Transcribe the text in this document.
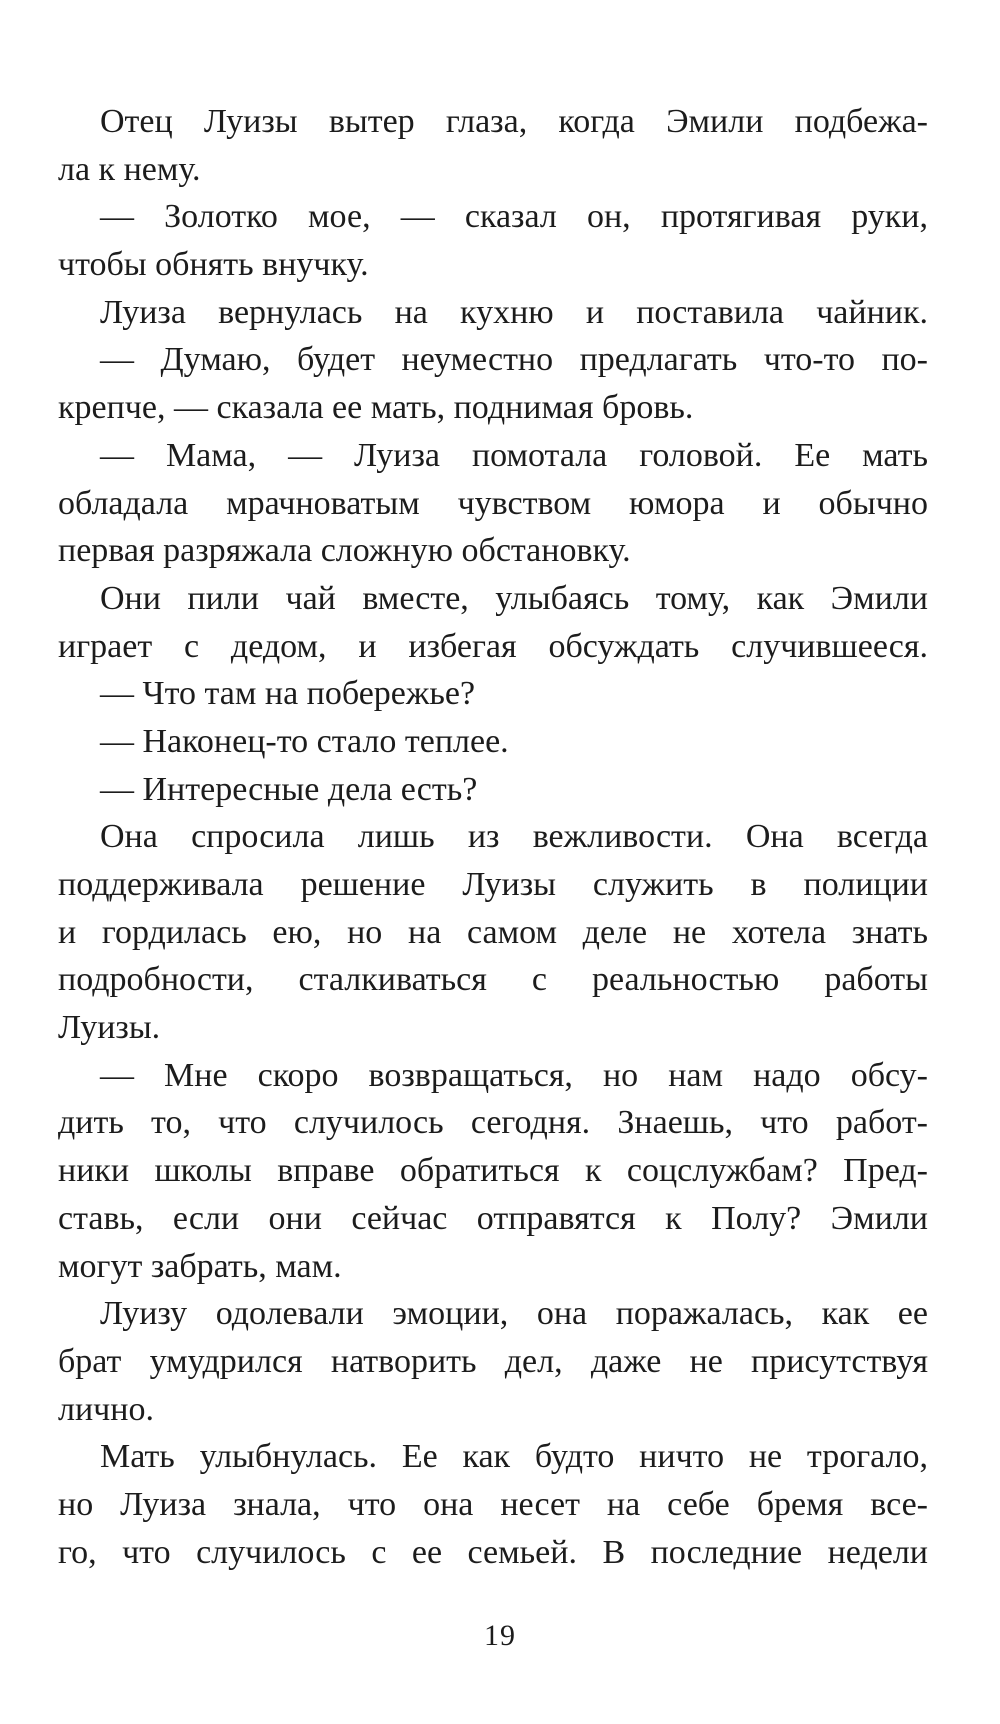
Отец Луизы вытер глаза, когда Эмили подбежа-
ла к нему.
— Золотко мое, — сказал он, протягивая руки,
чтобы обнять внучку.
Луиза вернулась на кухню и поставила чайник.
— Думаю, будет неуместно предлагать что-то по-
крепче, — сказала ее мать, поднимая бровь.
— Мама, — Луиза помотала головой. Ее мать
обладала мрачноватым чувством юмора и обычно
первая разряжала сложную обстановку.
Они пили чай вместе, улыбаясь тому, как Эмили
играет с дедом, и избегая обсуждать случившееся.
— Что там на побережье?
— Наконец-то стало теплее.
— Интересные дела есть?
Она спросила лишь из вежливости. Она всегда
поддерживала решение Луизы служить в полиции
и гордилась ею, но на самом деле не хотела знать
подробности, сталкиваться с реальностью работы
Луизы.
— Мне скоро возвращаться, но нам надо обсу-
дить то, что случилось сегодня. Знаешь, что работ-
ники школы вправе обратиться к соцслужбам? Пред-
ставь, если они сейчас отправятся к Полу? Эмили
могут забрать, мам.
Луизу одолевали эмоции, она поражалась, как ее
брат умудрился натворить дел, даже не присутствуя
лично.
Мать улыбнулась. Ее как будто ничто не трогало,
но Луиза знала, что она несет на себе бремя все-
го, что случилось с ее семьей. В последние недели
19
